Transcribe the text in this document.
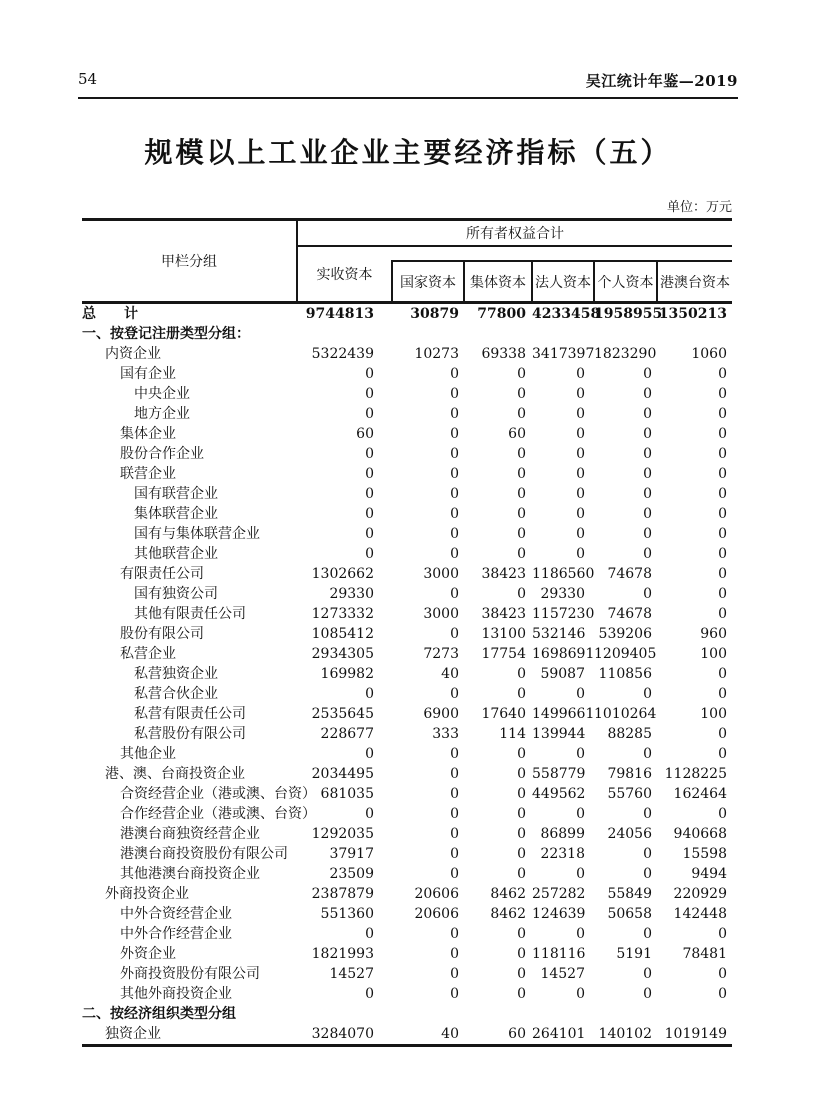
54	吴江统计年鉴—2019
规模以上工业企业主要经济指标（五）
单位：万元
甲栏分组	所有者权益合计					
	实收资本					
		国家资本	集体资本	法人资本	个人资本	港澳台资本
总　　计	9744813	30879	77800	4233458	1958955	1350213
一、按登记注册类型分组：						
内资企业	5322439	10273	69338	3417397	1823290	1060
国有企业	0	0	0	0	0	0
中央企业	0	0	0	0	0	0
地方企业	0	0	0	0	0	0
集体企业	60	0	60	0	0	0
股份合作企业	0	0	0	0	0	0
联营企业	0	0	0	0	0	0
国有联营企业	0	0	0	0	0	0
集体联营企业	0	0	0	0	0	0
国有与集体联营企业	0	0	0	0	0	0
其他联营企业	0	0	0	0	0	0
有限责任公司	1302662	3000	38423	1186560	74678	0
国有独资公司	29330	0	0	29330	0	0
其他有限责任公司	1273332	3000	38423	1157230	74678	0
股份有限公司	1085412	0	13100	532146	539206	960
私营企业	2934305	7273	17754	1698691	1209405	100
私营独资企业	169982	40	0	59087	110856	0
私营合伙企业	0	0	0	0	0	0
私营有限责任公司	2535645	6900	17640	1499661	1010264	100
私营股份有限公司	228677	333	114	139944	88285	0
其他企业	0	0	0	0	0	0
港、澳、台商投资企业	2034495	0	0	558779	79816	1128225
合资经营企业（港或澳、台资）	681035	0	0	449562	55760	162464
合作经营企业（港或澳、台资）	0	0	0	0	0	0
港澳台商独资经营企业	1292035	0	0	86899	24056	940668
港澳台商投资股份有限公司	37917	0	0	22318	0	15598
其他港澳台商投资企业	23509	0	0	0	0	9494
外商投资企业	2387879	20606	8462	257282	55849	220929
中外合资经营企业	551360	20606	8462	124639	50658	142448
中外合作经营企业	0	0	0	0	0	0
外资企业	1821993	0	0	118116	5191	78481
外商投资股份有限公司	14527	0	0	14527	0	0
其他外商投资企业	0	0	0	0	0	0
二、按经济组织类型分组						
独资企业	3284070	40	60	264101	140102	1019149
